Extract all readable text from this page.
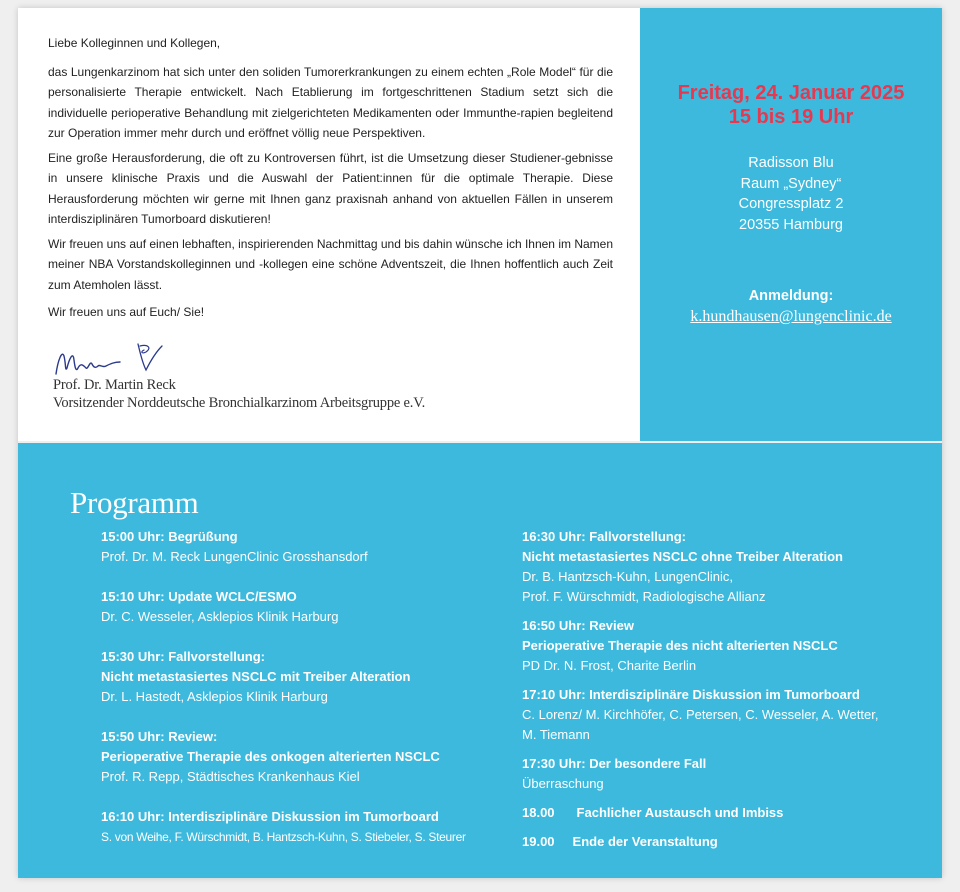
Liebe Kolleginnen und Kollegen,

das Lungenkarzinom hat sich unter den soliden Tumorerkrankungen zu einem echten „Role Model“ für die personalisierte Therapie entwickelt. Nach Etablierung im fortgeschrittenen Stadium setzt sich die individuelle perioperative Behandlung mit zielgerichteten Medikamenten oder Immunthe-rapien begleitend zur Operation immer mehr durch und eröffnet völlig neue Perspektiven.

Eine große Herausforderung, die oft zu Kontroversen führt, ist die Umsetzung dieser Studiener-gebnisse in unsere klinische Praxis und die Auswahl der Patient:innen für die optimale Therapie. Diese Herausforderung möchten wir gerne mit Ihnen ganz praxisnah anhand von aktuellen Fällen in unserem interdisziplinären Tumorboard diskutieren!

Wir freuen uns auf einen lebhaften, inspirierenden Nachmittag und bis dahin wünsche ich Ihnen im Namen meiner NBA Vorstandskolleginnen und -kollegen eine schöne Adventszeit, die Ihnen hoffentlich auch Zeit zum Atemholen lässt.

Wir freuen uns auf Euch/ Sie!

Prof. Dr. Martin Reck
Vorsitzender Norddeutsche Bronchialkarzinom Arbeitsgruppe e.V.

Freitag, 24. Januar 2025
15 bis 19 Uhr

Radisson Blu
Raum „Sydney“
Congressplatz 2
20355 Hamburg

Anmeldung:

k.hundhausen@lungenclinic.de

Programm

15:00 Uhr: Begrüßung
Prof. Dr. M. Reck LungenClinic Grosshansdorf

15:10 Uhr: Update WCLC/ESMO
Dr. C. Wesseler, Asklepios Klinik Harburg

15:30 Uhr: Fallvorstellung:
Nicht metastasiertes NSCLC mit Treiber Alteration
Dr. L. Hastedt, Asklepios Klinik Harburg

15:50 Uhr: Review:
Perioperative Therapie des onkogen alterierten NSCLC
Prof. R. Repp, Städtisches Krankenhaus Kiel

16:10 Uhr: Interdisziplinäre Diskussion im Tumorboard
S. von Weihe, F. Würschmidt, B. Hantzsch-Kuhn, S. Stiebeler, S. Steurer

16:30 Uhr: Fallvorstellung:
Nicht metastasiertes NSCLC ohne Treiber Alteration
Dr. B. Hantzsch-Kuhn, LungenClinic,
Prof. F. Würschmidt, Radiologische Allianz

16:50 Uhr: Review
Perioperative Therapie des nicht alterierten NSCLC
PD Dr. N. Frost, Charite Berlin

17:10 Uhr: Interdisziplinäre Diskussion im Tumorboard
C. Lorenz/ M. Kirchhöfer, C. Petersen, C. Wesseler, A. Wetter,
M. Tiemann

17:30 Uhr: Der besondere Fall
Überraschung

18.00 Fachlicher Austausch und Imbiss

19.00 Ende der Veranstaltung
